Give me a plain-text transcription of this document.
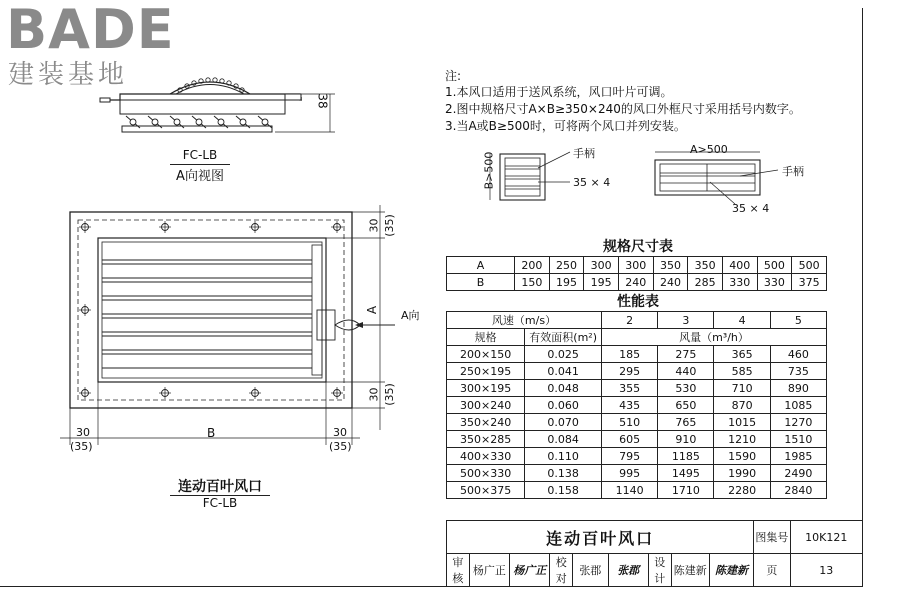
BADE
建装基地	注:
1.本风口适用于送风系统，风口叶片可调。
2.图中规格尺寸A×B≥350×240的风口外框尺寸采用括号内数字。
3.当A或B≥500时，可将两个风口并列安装。
38
FC-LB
A向视图
30 (35)
A A向
30 (35)
30
(35)
B	30
(35)
连动百叶风口
FC-LB
B>500	手柄
35 × 4
A>500
手柄
35 × 4
规格尺寸表
A	200	250	300	300	350	350	400	500	500
B	150	195	195	240	240	285	330	330	375
性能表
风速（m/s）		2	3	4	5
规格	有效面积(m²)	风量（m³/h）			
200×150	0.025	185	275	365	460
250×195	0.041	295	440	585	735
300×195	0.048	355	530	710	890
300×240	0.060	435	650	870	1085
350×240	0.070	510	765	1015	1270
350×285	0.084	605	910	1210	1510
400×330	0.110	795	1185	1590	1985
500×330	0.138	995	1495	1990	2490
500×375	0.158	1140	1710	2280	2840
连动百叶风口									图集号	10K121
审核	杨广正	杨广正	校对	张郡	张郡	设计	陈建新	陈建新	页	13
